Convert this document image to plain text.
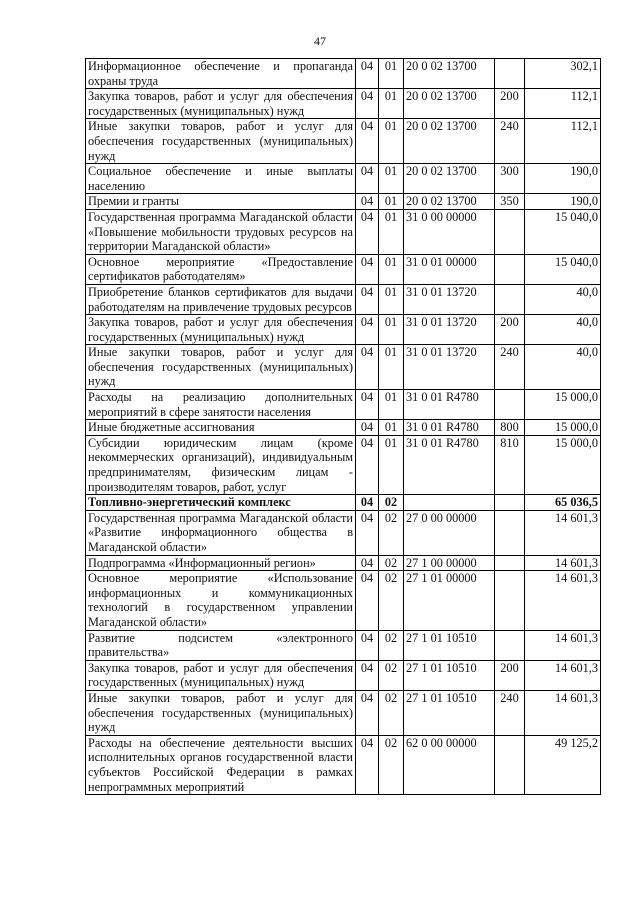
47
Информационное обеспечение и пропаганда охраны труда	04	01	20 0 02 13700		302,1
Закупка товаров, работ и услуг для обеспечения государственных (муниципальных) нужд	04	01	20 0 02 13700	200	112,1
Иные закупки товаров, работ и услуг для обеспечения государственных (муниципальных) нужд	04	01	20 0 02 13700	240	112,1
Социальное обеспечение и иные выплаты населению	04	01	20 0 02 13700	300	190,0
Премии и гранты	04	01	20 0 02 13700	350	190,0
Государственная программа Магаданской области «Повышение мобильности трудовых ресурсов на территории Магаданской области»	04	01	31 0 00 00000		15 040,0
Основное мероприятие «Предоставление сертификатов работодателям»	04	01	31 0 01 00000		15 040,0
Приобретение бланков сертификатов для выдачи работодателям на привлечение трудовых ресурсов	04	01	31 0 01 13720		40,0
Закупка товаров, работ и услуг для обеспечения государственных (муниципальных) нужд	04	01	31 0 01 13720	200	40,0
Иные закупки товаров, работ и услуг для обеспечения государственных (муниципальных) нужд	04	01	31 0 01 13720	240	40,0
Расходы на реализацию дополнительных мероприятий в сфере занятости населения	04	01	31 0 01 R4780		15 000,0
Иные бюджетные ассигнования	04	01	31 0 01 R4780	800	15 000,0
Субсидии юридическим лицам (кроме некоммерческих организаций), индивидуальным предпринимателям, физическим лицам - производителям товаров, работ, услуг	04	01	31 0 01 R4780	810	15 000,0
Топливно-энергетический комплекс	04	02			65 036,5
Государственная программа Магаданской области «Развитие информационного общества в Магаданской области»	04	02	27 0 00 00000		14 601,3
Подпрограмма «Информационный регион»	04	02	27 1 00 00000		14 601,3
Основное мероприятие «Использование информационных и коммуникационных технологий в государственном управлении Магаданской области»	04	02	27 1 01 00000		14 601,3
Развитие подсистем «электронного правительства»	04	02	27 1 01 10510		14 601,3
Закупка товаров, работ и услуг для обеспечения государственных (муниципальных) нужд	04	02	27 1 01 10510	200	14 601,3
Иные закупки товаров, работ и услуг для обеспечения государственных (муниципальных) нужд	04	02	27 1 01 10510	240	14 601,3
Расходы на обеспечение деятельности высших исполнительных органов государственной власти субъектов Российской Федерации в рамках непрограммных мероприятий	04	02	62 0 00 00000		49 125,2
